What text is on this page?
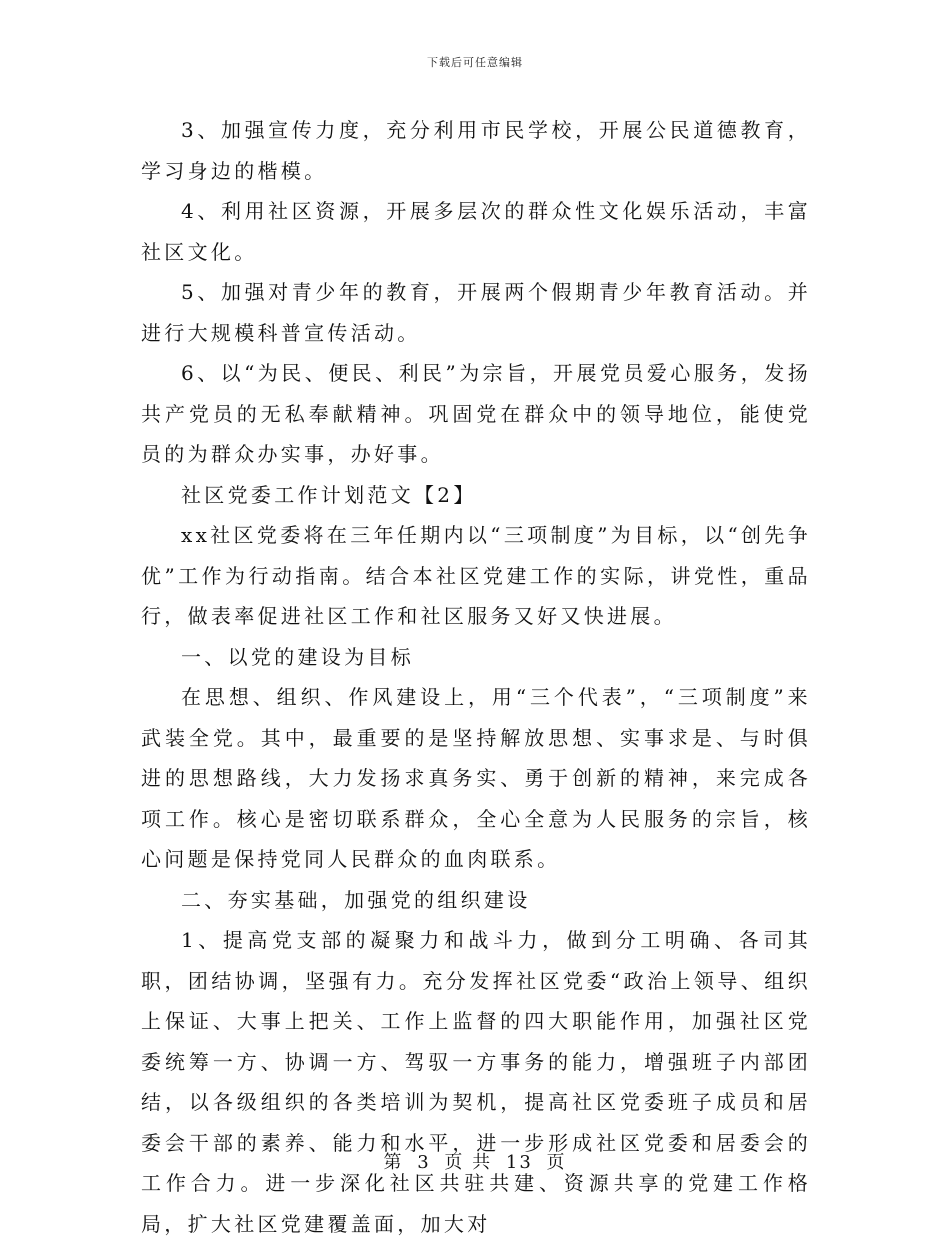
下载后可任意编辑

3、加强宣传力度，充分利用市民学校，开展公民道德教育，学习身边的楷模。

4、利用社区资源，开展多层次的群众性文化娱乐活动，丰富社区文化。

5、加强对青少年的教育，开展两个假期青少年教育活动。并进行大规模科普宣传活动。

6、以“为民、便民、利民”为宗旨，开展党员爱心服务，发扬共产党员的无私奉献精神。巩固党在群众中的领导地位，能使党员的为群众办实事，办好事。

社区党委工作计划范文【2】

xx社区党委将在三年任期内以“三项制度”为目标，以“创先争优”工作为行动指南。结合本社区党建工作的实际，讲党性，重品行，做表率促进社区工作和社区服务又好又快进展。

一、以党的建设为目标

在思想、组织、作风建设上，用“三个代表”，“三项制度”来武装全党。其中，最重要的是坚持解放思想、实事求是、与时俱进的思想路线，大力发扬求真务实、勇于创新的精神，来完成各项工作。核心是密切联系群众，全心全意为人民服务的宗旨，核心问题是保持党同人民群众的血肉联系。

二、夯实基础，加强党的组织建设

1、提高党支部的凝聚力和战斗力，做到分工明确、各司其职，团结协调，坚强有力。充分发挥社区党委“政治上领导、组织上保证、大事上把关、工作上监督的四大职能作用，加强社区党委统筹一方、协调一方、驾驭一方事务的能力，增强班子内部团结，以各级组织的各类培训为契机，提高社区党委班子成员和居委会干部的素养、能力和水平，进一步形成社区党委和居委会的工作合力。进一步深化社区共驻共建、资源共享的党建工作格局，扩大社区党建覆盖面，加大对

第 3 页 共 13 页
